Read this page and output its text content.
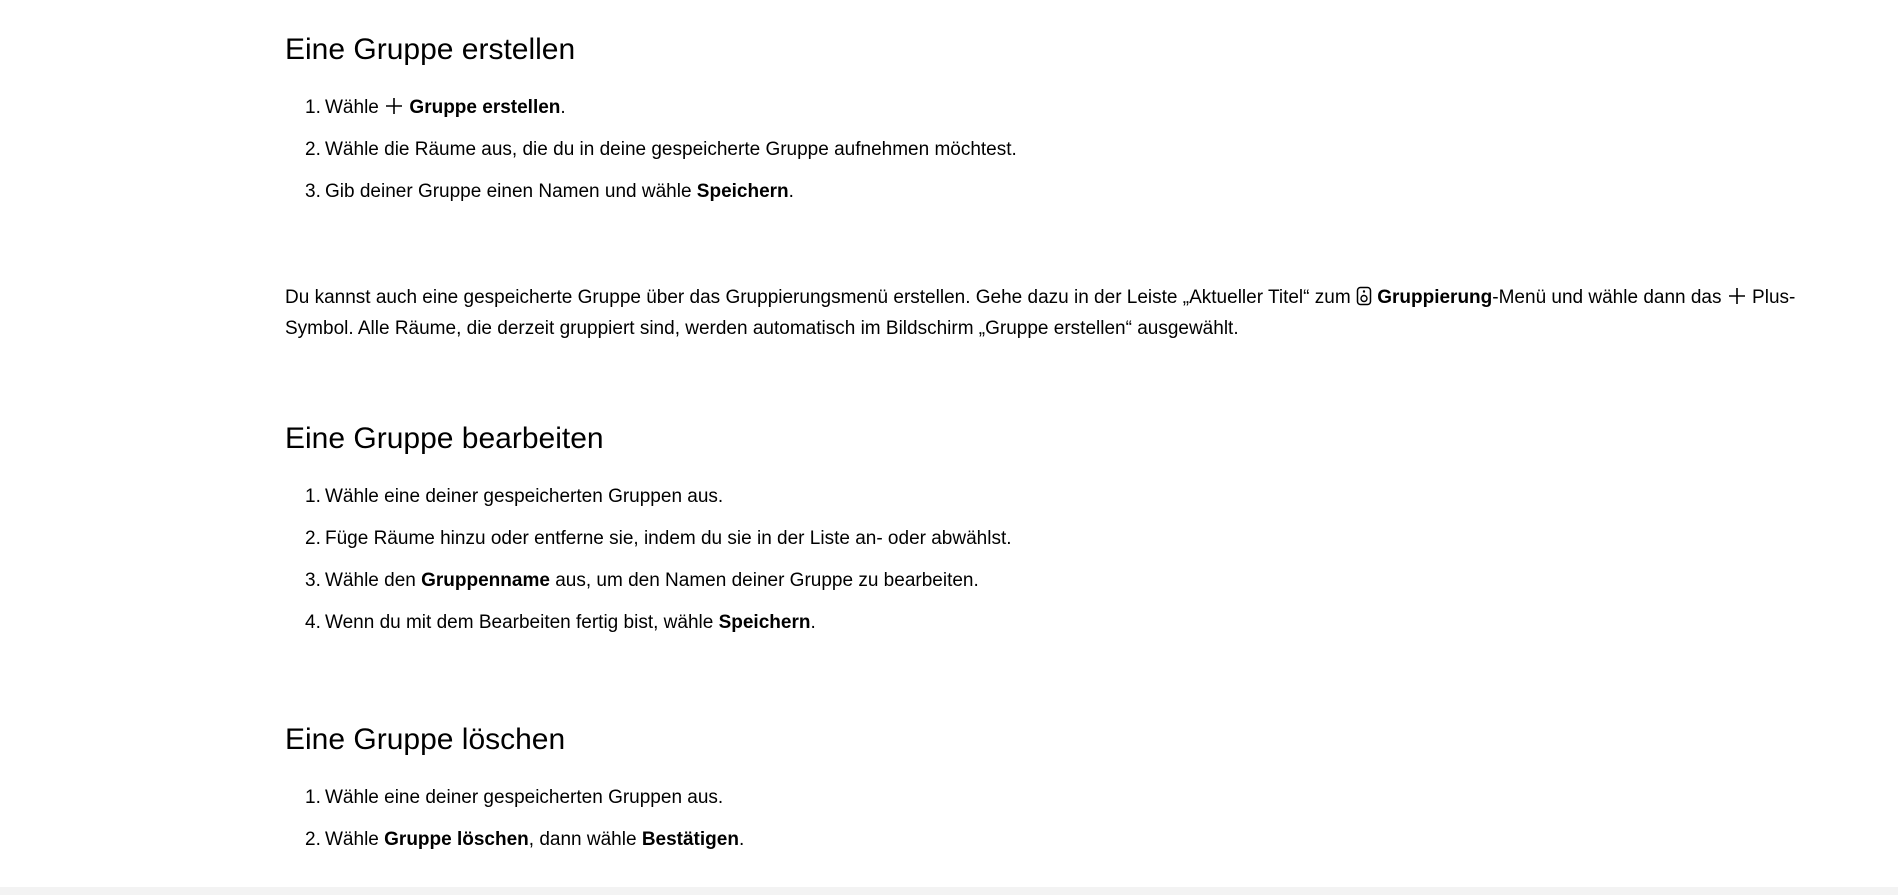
Eine Gruppe erstellen
1. Wähle
Gruppe erstellen.
2. Wähle die Räume aus, die du in deine gespeicherte Gruppe aufnehmen möchtest.
3. Gib deiner Gruppe einen Namen und wähle Speichern.

Du kannst auch eine gespeicherte Gruppe über das Gruppierungsmenü erstellen. Gehe dazu in der Leiste „Aktueller Titel“ zum
Gruppierung-Menü und wähle dann das
Plus-Symbol. Alle Räume, die derzeit gruppiert sind, werden automatisch im Bildschirm „Gruppe erstellen“ ausgewählt.

Eine Gruppe bearbeiten
1. Wähle eine deiner gespeicherten Gruppen aus.
2. Füge Räume hinzu oder entferne sie, indem du sie in der Liste an- oder abwählst.
3. Wähle den Gruppenname aus, um den Namen deiner Gruppe zu bearbeiten.
4. Wenn du mit dem Bearbeiten fertig bist, wähle Speichern.
Eine Gruppe löschen
1. Wähle eine deiner gespeicherten Gruppen aus.
2. Wähle Gruppe löschen, dann wähle Bestätigen.
